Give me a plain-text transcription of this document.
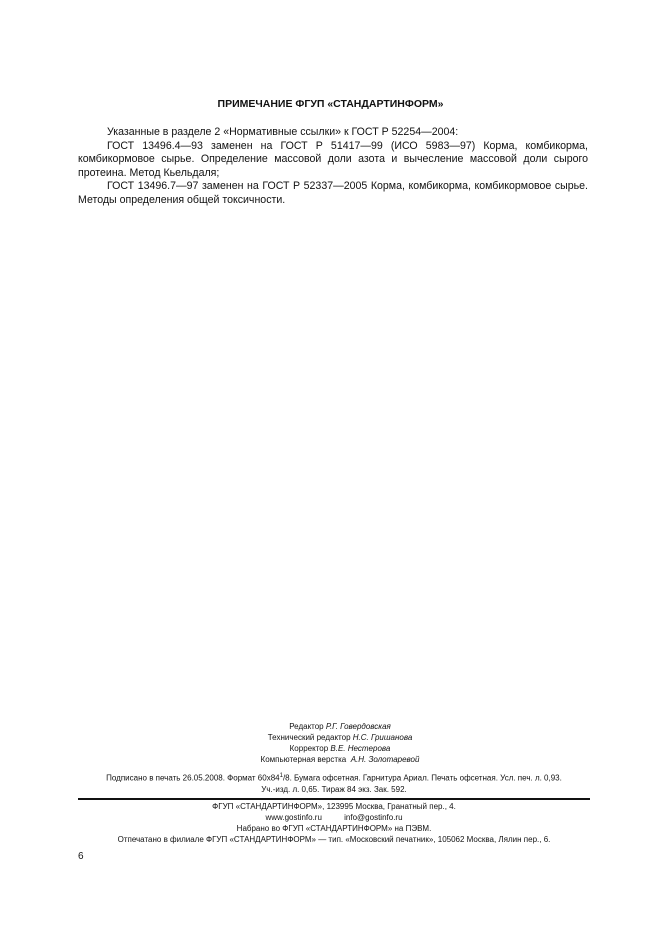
ПРИМЕЧАНИЕ ФГУП «СТАНДАРТИНФОРМ»

Указанные в разделе 2 «Нормативные ссылки» к ГОСТ Р 52254—2004:

ГОСТ 13496.4—93 заменен на ГОСТ Р 51417—99 (ИСО 5983—97) Корма, комбикорма, комбикормовое сырье. Определение массовой доли азота и вычесление массовой доли сырого протеина. Метод Кьельдаля;

ГОСТ 13496.7—97 заменен на ГОСТ Р 52337—2005 Корма, комбикорма, комбикормовое сырье. Методы определения общей токсичности.

Редактор Р.Г. Говердовская
Технический редактор Н.С. Гришанова
Корректор В.Е. Нестерова
Компьютерная верстка А.Н. Золотаревой
Подписано в печать 26.05.2008. Формат $60x84^1/8$. Бумага офсетная. Гарнитура Ариал. Печать офсетная. Усл. печ. л. 0,93.
Уч.-изд. л. 0,65. Тираж 84 экз. Зак. 592.
ФГУП «СТАНДАРТИНФОРМ», 123995 Москва, Гранатный пер., 4.
www.gostinfo.ru	info@gostinfo.ru
Набрано во ФГУП «СТАНДАРТИНФОРМ» на ПЭВМ.
Отпечатано в филиале ФГУП «СТАНДАРТИНФОРМ» — тип. «Московский печатник», 105062 Москва, Лялин пер., 6.
6
